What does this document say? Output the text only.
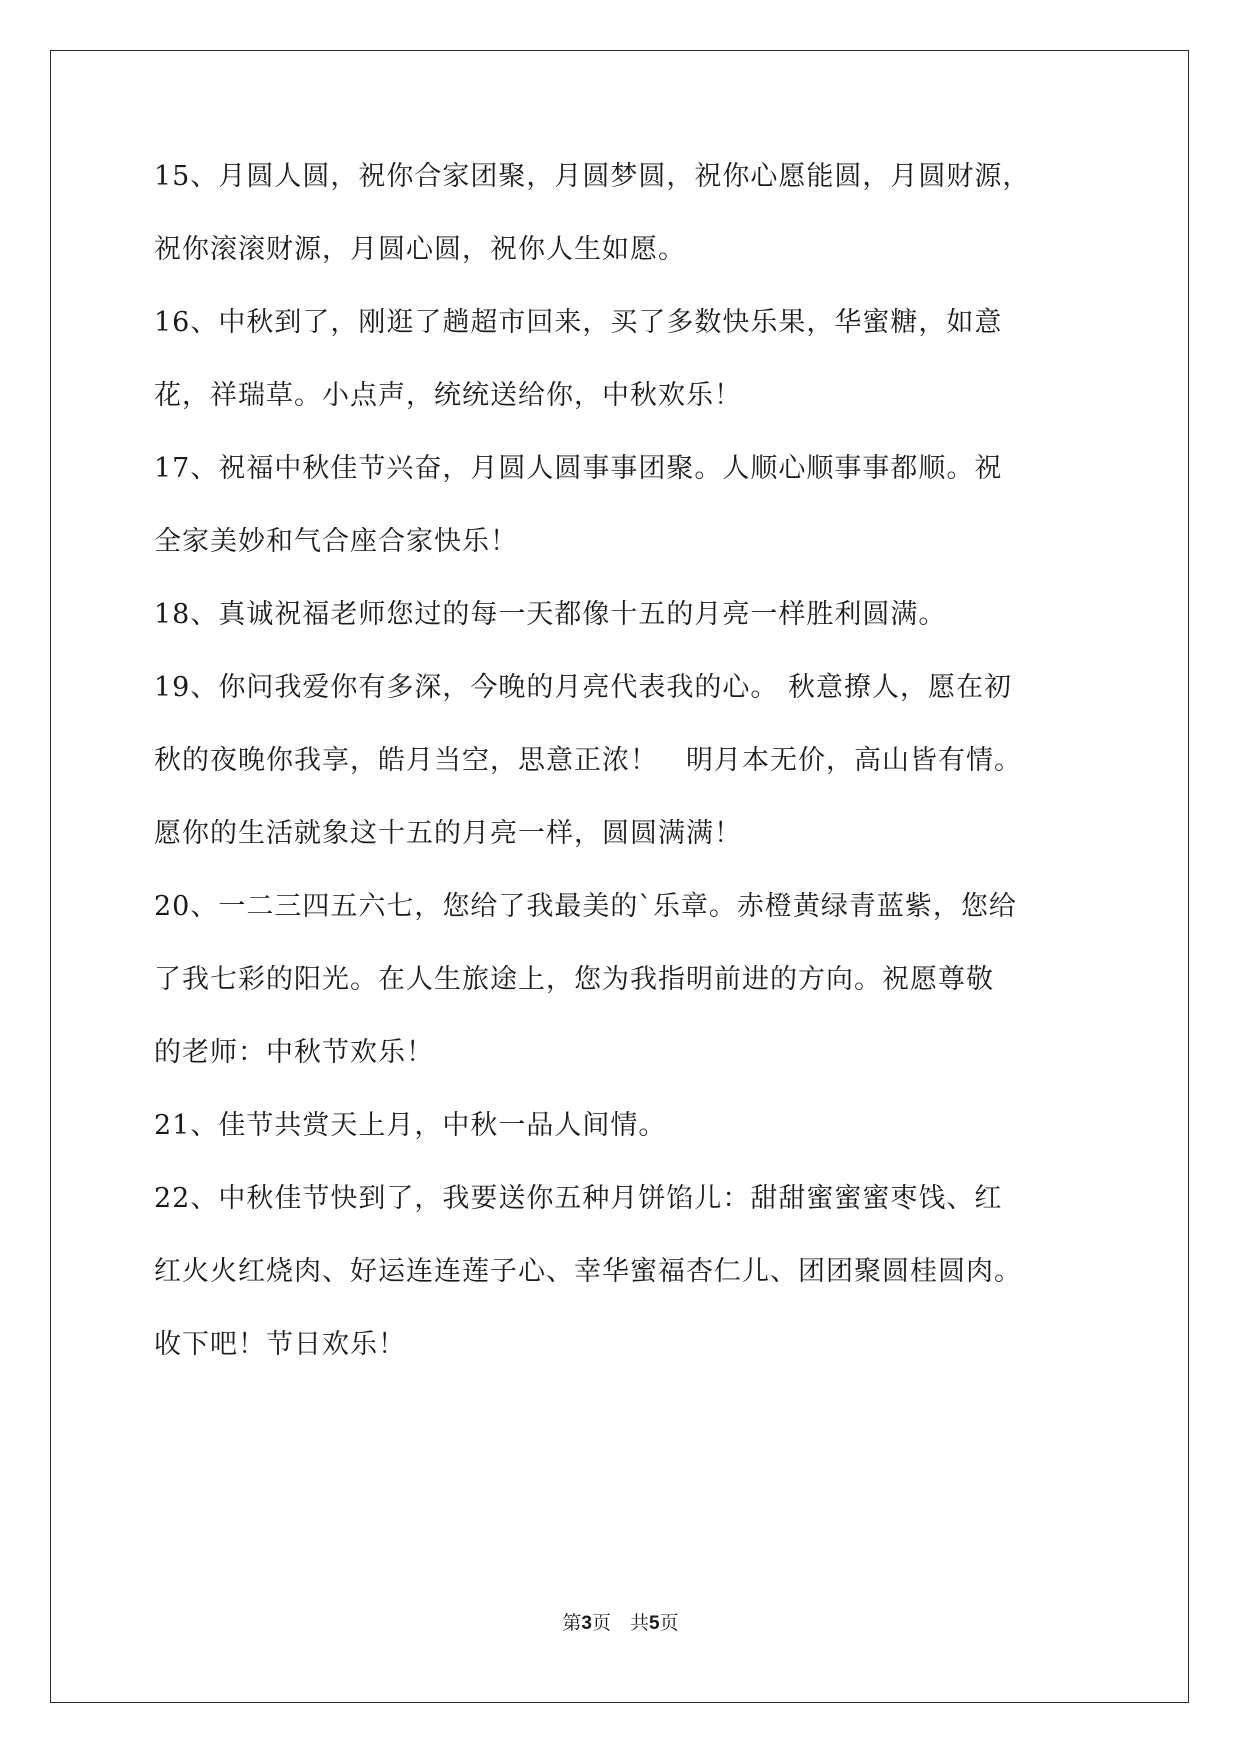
15、月圆人圆，祝你合家团聚，月圆梦圆，祝你心愿能圆，月圆财源，
祝你滚滚财源，月圆心圆，祝你人生如愿。
16、中秋到了，刚逛了趟超市回来，买了多数快乐果，华蜜糖，如意
花，祥瑞草。小点声，统统送给你，中秋欢乐！
17、祝福中秋佳节兴奋，月圆人圆事事团聚。人顺心顺事事都顺。祝
全家美妙和气合座合家快乐！
18、真诚祝福老师您过的每一天都像十五的月亮一样胜利圆满。
19、你问我爱你有多深，今晚的月亮代表我的心。 秋意撩人，愿在初
秋的夜晚你我享，皓月当空，思意正浓！　明月本无价，高山皆有情。
愿你的生活就象这十五的月亮一样，圆圆满满！
20、一二三四五六七，您给了我最美的`乐章。赤橙黄绿青蓝紫，您给
了我七彩的阳光。在人生旅途上，您为我指明前进的方向。祝愿尊敬
的老师：中秋节欢乐！
21、佳节共赏天上月，中秋一品人间情。
22、中秋佳节快到了，我要送你五种月饼馅儿：甜甜蜜蜜蜜枣饯、红
红火火红烧肉、好运连连莲子心、幸华蜜福杏仁儿、团团聚圆桂圆肉。
收下吧！节日欢乐！
第3页　共5页
